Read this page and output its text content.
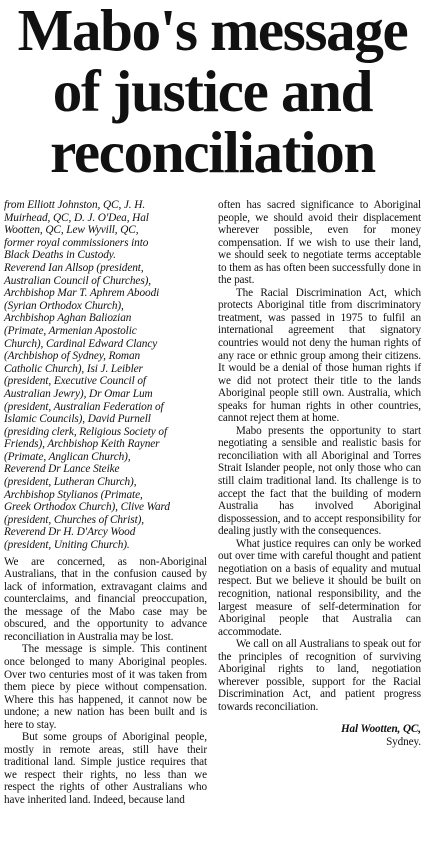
Mabo's message
of justice and
reconciliation
from Elliott Johnston, QC, J. H.
Muirhead, QC, D. J. O'Dea, Hal
Wootten, QC, Lew Wyvill, QC,
former royal commissioners into
Black Deaths in Custody.
Reverend Ian Allsop (president,
Australian Council of Churches),
Archbishop Mar T. Aphrem Aboodi
(Syrian Orthodox Church),
Archbishop Aghan Baliozian
(Primate, Armenian Apostolic
Church), Cardinal Edward Clancy
(Archbishop of Sydney, Roman
Catholic Church), Isi J. Leibler
(president, Executive Council of
Australian Jewry), Dr Omar Lum
(president, Australian Federation of
Islamic Councils), David Purnell
(presiding clerk, Religious Society of
Friends), Archbishop Keith Rayner
(Primate, Anglican Church),
Reverend Dr Lance Steike
(president, Lutheran Church),
Archbishop Stylianos (Primate,
Greek Orthodox Church), Clive Ward
(president, Churches of Christ),
Reverend Dr H. D'Arcy Wood
(president, Uniting Church).

We are concerned, as non-Aboriginal Australians, that in the confusion caused by lack of information, extravagant claims and counterclaims, and financial preoccupation, the message of the Mabo case may be obscured, and the opportunity to advance reconciliation in Australia may be lost.

The message is simple. This continent once belonged to many Aboriginal peoples. Over two centuries most of it was taken from them piece by piece without compensation. Where this has happened, it cannot now be undone; a new nation has been built and is here to stay.

But some groups of Aboriginal people, mostly in remote areas, still have their traditional land. Simple justice requires that we respect their rights, no less than we respect the rights of other Australians who have inherited land. Indeed, because land

often has sacred significance to Aboriginal people, we should avoid their displacement wherever possible, even for money compensation. If we wish to use their land, we should seek to negotiate terms acceptable to them as has often been successfully done in the past.

The Racial Discrimination Act, which protects Aboriginal title from discriminatory treatment, was passed in 1975 to fulfil an international agreement that signatory countries would not deny the human rights of any race or ethnic group among their citizens. It would be a denial of those human rights if we did not protect their title to the lands Aboriginal people still own. Australia, which speaks for human rights in other countries, cannot reject them at home.

Mabo presents the opportunity to start negotiating a sensible and realistic basis for reconciliation with all Aboriginal and Torres Strait Islander people, not only those who can still claim traditional land. Its challenge is to accept the fact that the building of modern Australia has involved Aboriginal dispossession, and to accept responsibility for dealing justly with the consequences.

What justice requires can only be worked out over time with careful thought and patient negotiation on a basis of equality and mutual respect. But we believe it should be built on recognition, national responsibility, and the largest measure of self-determination for Aboriginal people that Australia can accommodate.

We call on all Australians to speak out for the principles of recognition of surviving Aboriginal rights to land, negotiation wherever possible, support for the Racial Discrimination Act, and patient progress towards reconciliation.

Hal Wootten, QC,
Sydney.
